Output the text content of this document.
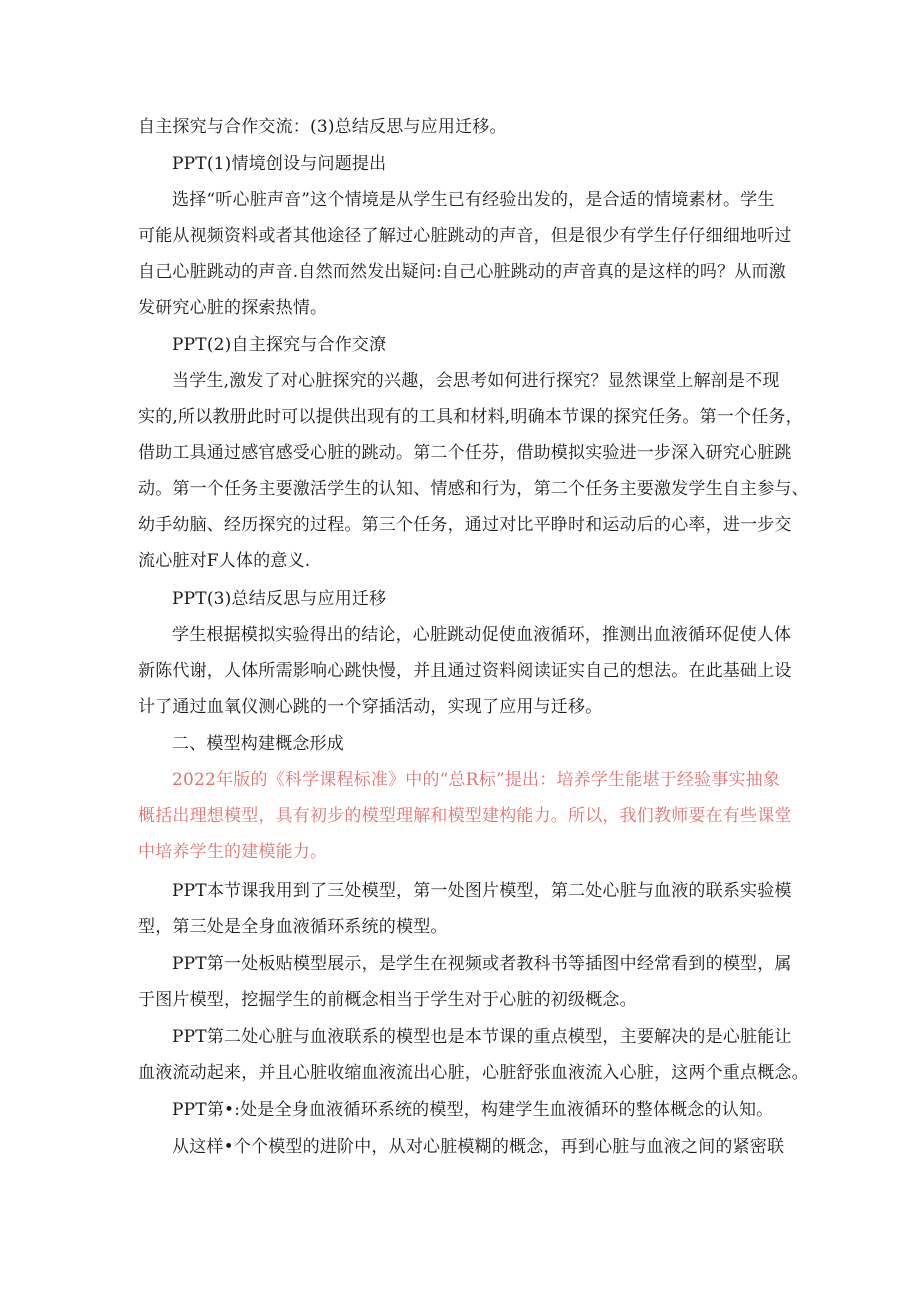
自主探究与合作交流：(3)总结反思与应用迁移。
PPT(1)情境创设与问题提出
选择“听心脏声音”这个情境是从学生已有经验出发的，是合适的情境素材。学生
可能从视频资料或者其他途径了解过心脏跳动的声音，但是很少有学生仔仔细细地听过
自己心脏跳动的声音.自然而然发出疑问:自己心脏跳动的声音真的是这样的吗？从而激
发研究心脏的探索热情。
PPT(2)自主探究与合作交潦
当学生,激发了对心脏探究的兴趣，会思考如何进行探究？显然课堂上解剖是不现
实的,所以教册此时可以提供出现有的工具和材料,明确本节课的探究任务。第一个任务，
借助工具通过感官感受心脏的跳动。第二个任芬，借助模拟实验进一步深入研究心脏跳
动。第一个任务主要激活学生的认知、情感和行为，第二个任务主要激发学生自主参与、
幼手幼脑、经历探究的过程。第三个任务，通过对比平睁时和运动后的心率，进一步交
流心脏对F人体的意义.
PPT(3)总结反思与应用迁移
学生根据模拟实验得出的结论，心脏跳动促使血液循环，推测出血液循环促使人体
新陈代谢，人体所需影响心跳快慢，并且通过资料阅读证实自己的想法。在此基础上设
计了通过血氧仪测心跳的一个穿插活动，实现了应用与迁移。
二、模型构建概念形成
2022年版的《科学课程标准》中的“总R标”提出：培养学生能堪于经验事实抽象
概括出理想模型，具有初步的模型理解和模型建构能力。所以，我们教师要在有些课堂
中培养学生的建模能力。
PPT本节课我用到了三处模型，第一处图片模型，第二处心脏与血液的联系实验模
型，第三处是全身血液循环系统的模型。
PPT第一处板贴模型展示，是学生在视频或者教科书等插图中经常看到的模型，属
于图片模型，挖掘学生的前概念相当于学生对于心脏的初级概念。
PPT第二处心脏与血液联系的模型也是本节课的重点模型，主要解决的是心脏能让
血液流动起来，并且心脏收缩血液流出心脏，心脏舒张血液流入心脏，这两个重点概念。
PPT第•:处是全身血液循环系统的模型，构建学生血液循环的整体概念的认知。
从这样•个个模型的进阶中，从对心脏模糊的概念，再到心脏与血液之间的紧密联
